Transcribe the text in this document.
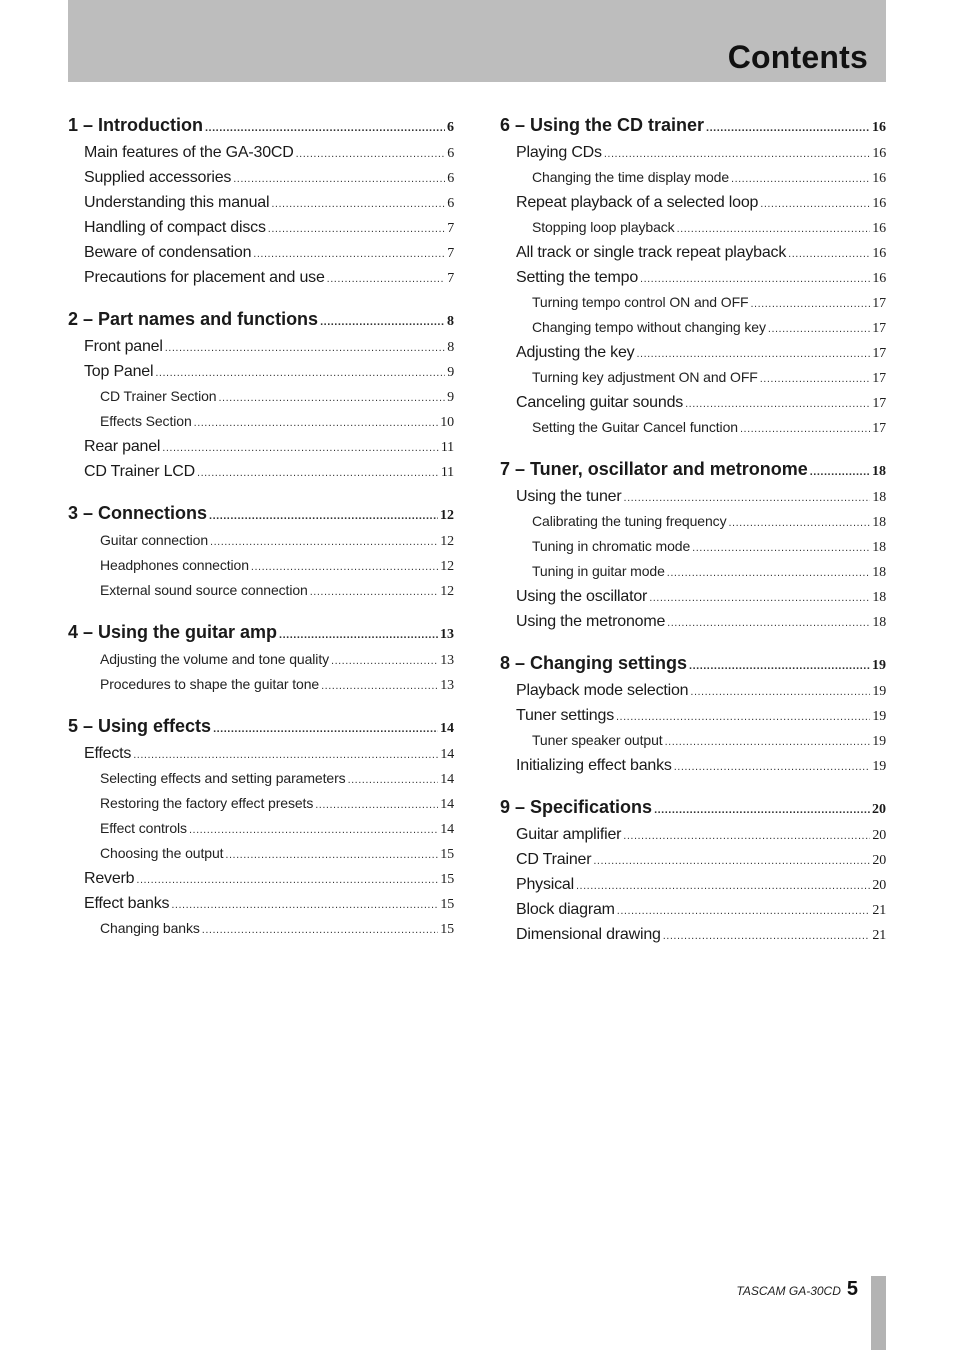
Contents
1 – Introduction .....	6
Main features of the GA-30CD .....	6
Supplied accessories .....	6
Understanding this manual .....	6
Handling of compact discs .....	7
Beware of condensation .....	7
Precautions for placement and use .....	7
2 – Part names and functions .....	8
Front panel .....	8
Top Panel .....	9
CD Trainer Section .....	9
Effects Section .....	10
Rear panel .....	11
CD Trainer LCD .....	11
3 – Connections .....	12
Guitar connection .....	12
Headphones connection .....	12
External sound source connection .....	12
4 – Using the guitar amp .....	13
Adjusting the volume and tone quality .....	13
Procedures to shape the guitar tone .....	13
5 – Using effects .....	14
Effects .....	14
Selecting effects and setting parameters .....	14
Restoring the factory effect presets .....	14
Effect controls .....	14
Choosing the output .....	15
Reverb .....	15
Effect banks .....	15
Changing banks .....	15
6 – Using the CD trainer .....	16
Playing CDs .....	16
Changing the time display mode .....	16
Repeat playback of a selected loop .....	16
Stopping loop playback .....	16
All track or single track repeat playback .....	16
Setting the tempo .....	16
Turning tempo control ON and OFF .....	17
Changing tempo without changing key .....	17
Adjusting the key .....	17
Turning key adjustment ON and OFF .....	17
Canceling guitar sounds .....	17
Setting the Guitar Cancel function .....	17
7 – Tuner, oscillator and metronome .....	18
Using the tuner .....	18
Calibrating the tuning frequency .....	18
Tuning in chromatic mode .....	18
Tuning in guitar mode .....	18
Using the oscillator .....	18
Using the metronome .....	18
8 – Changing settings .....	19
Playback mode selection .....	19
Tuner settings .....	19
Tuner speaker output .....	19
Initializing effect banks .....	19
9 – Specifications .....	20
Guitar amplifier .....	20
CD Trainer .....	20
Physical .....	20
Block diagram .....	21
Dimensional drawing .....	21
TASCAM GA-30CD 5
